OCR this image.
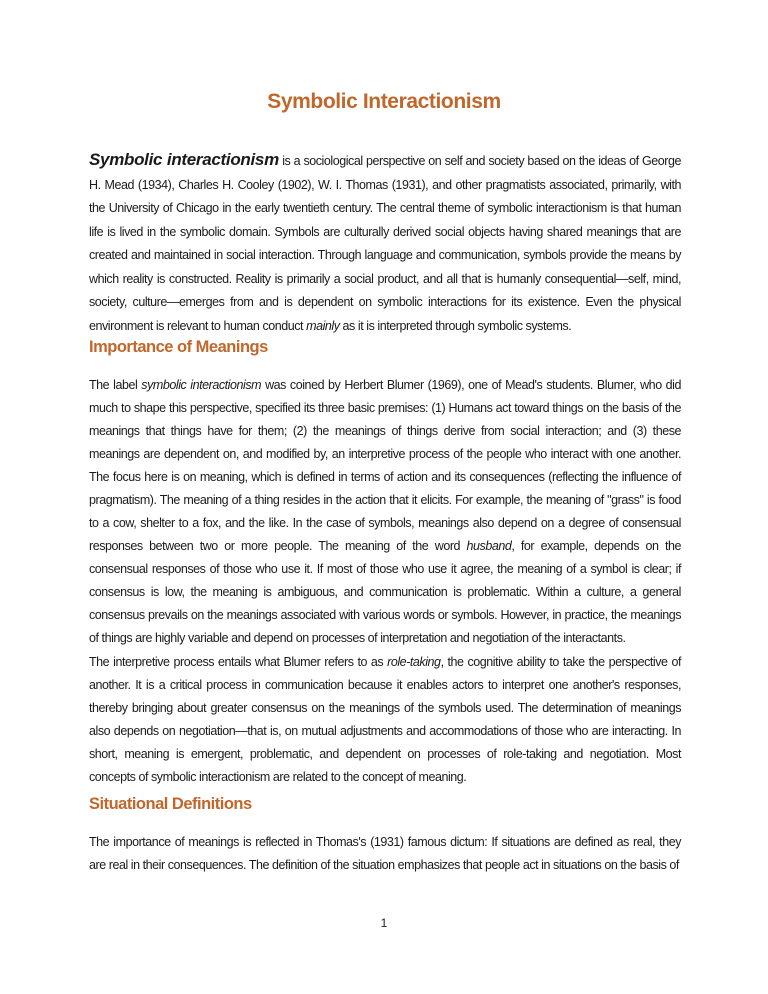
Symbolic Interactionism

Symbolic interactionism is a sociological perspective on self and society based on the ideas of George H. Mead (1934), Charles H. Cooley (1902), W. I. Thomas (1931), and other pragmatists associated, primarily, with the University of Chicago in the early twentieth century. The central theme of symbolic interactionism is that human life is lived in the symbolic domain. Symbols are culturally derived social objects having shared meanings that are created and maintained in social interaction. Through language and communication, symbols provide the means by which reality is constructed. Reality is primarily a social product, and all that is humanly consequential—self, mind, society, culture—emerges from and is dependent on symbolic interactions for its existence. Even the physical environment is relevant to human conduct mainly as it is interpreted through symbolic systems.

Importance of Meanings

The label symbolic interactionism was coined by Herbert Blumer (1969), one of Mead's students. Blumer, who did much to shape this perspective, specified its three basic premises: (1) Humans act toward things on the basis of the meanings that things have for them; (2) the meanings of things derive from social interaction; and (3) these meanings are dependent on, and modified by, an interpretive process of the people who interact with one another. The focus here is on meaning, which is defined in terms of action and its consequences (reflecting the influence of pragmatism). The meaning of a thing resides in the action that it elicits. For example, the meaning of "grass" is food to a cow, shelter to a fox, and the like. In the case of symbols, meanings also depend on a degree of consensual responses between two or more people. The meaning of the word husband, for example, depends on the consensual responses of those who use it. If most of those who use it agree, the meaning of a symbol is clear; if consensus is low, the meaning is ambiguous, and communication is problematic. Within a culture, a general consensus prevails on the meanings associated with various words or symbols. However, in practice, the meanings of things are highly variable and depend on processes of interpretation and negotiation of the interactants.

The interpretive process entails what Blumer refers to as role-taking, the cognitive ability to take the perspective of another. It is a critical process in communication because it enables actors to interpret one another's responses, thereby bringing about greater consensus on the meanings of the symbols used. The determination of meanings also depends on negotiation—that is, on mutual adjustments and accommodations of those who are interacting. In short, meaning is emergent, problematic, and dependent on processes of role-taking and negotiation. Most concepts of symbolic interactionism are related to the concept of meaning.

Situational Definitions

The importance of meanings is reflected in Thomas's (1931) famous dictum: If situations are defined as real, they are real in their consequences. The definition of the situation emphasizes that people act in situations on the basis of

1
